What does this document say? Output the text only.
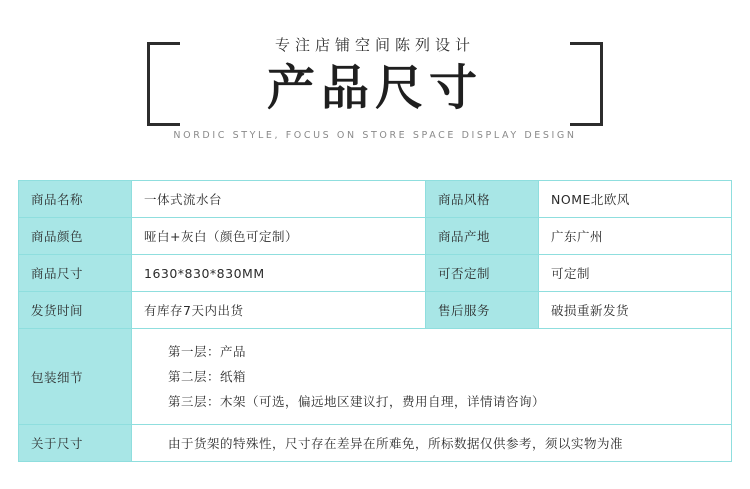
专注店铺空间陈列设计
产品尺寸
NORDIC STYLE, FOCUS ON STORE SPACE DISPLAY DESIGN
商品名称	一体式流水台	商品风格	NOME北欧风
商品颜色	哑白+灰白（颜色可定制）	商品产地	广东广州
商品尺寸	1630*830*830MM	可否定制	可定制
发货时间	有库存7天内出货	售后服务	破损重新发货
包装细节	第一层：产品
第二层：纸箱
第三层：木架（可选，偏远地区建议打，费用自理，详情请咨询）		

关于尺寸	由于货架的特殊性，尺寸存在差异在所难免，所标数据仅供参考，须以实物为准		
